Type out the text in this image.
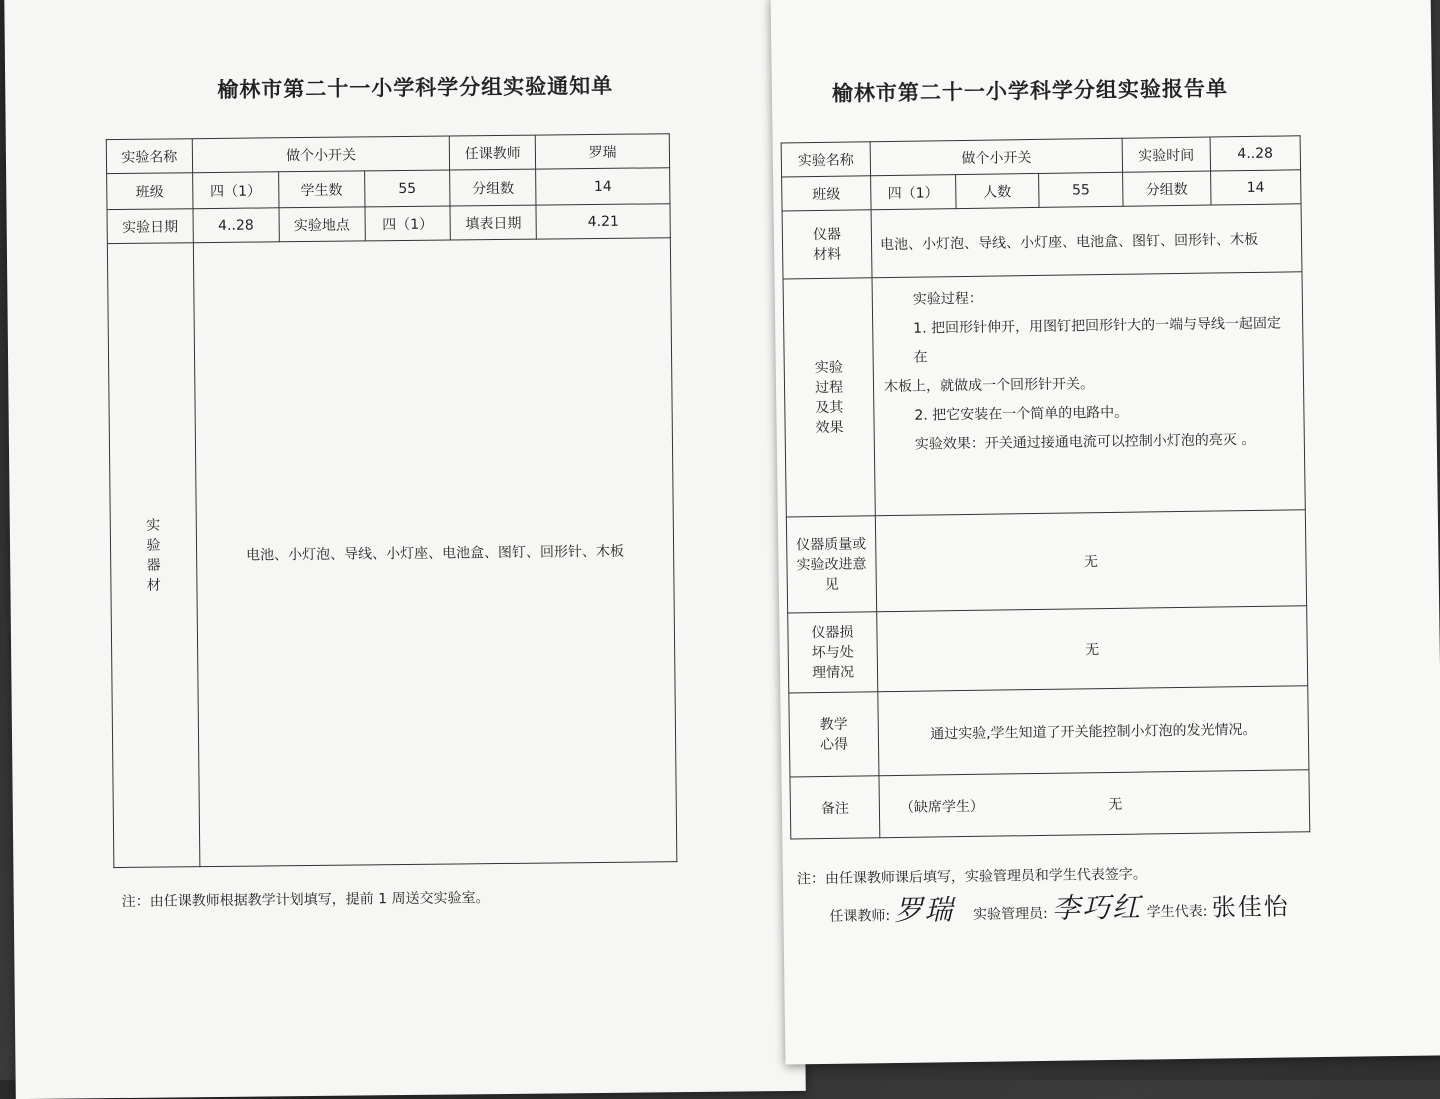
榆林市第二十一小学科学分组实验通知单
实验名称	做个小开关			任课教师	罗瑞
班级	四（1）	学生数	55	分组数	14
实验日期	4..28	实验地点	四（1）	填表日期	4.21

实验器材	电池、小灯泡、导线、小灯座、电池盒、图钉、回形针、木板				
注：由任课教师根据教学计划填写，提前 1 周送交实验室。
榆林市第二十一小学科学分组实验报告单
实验名称	做个小开关			实验时间	4..28
班级	四（1）	人数	55	分组数	14

仪器材料	电池、小灯泡、导线、小灯座、电池盒、图钉、回形针、木板				

实验过程及其效果	实验过程：

1. 把回形针伸开，用图钉把回形针大的一端与导线一起固定在

木板上，就做成一个回形针开关。

2. 把它安装在一个简单的电路中。

实验效果：开关通过接通电流可以控制小灯泡的亮灭 。				

仪器质量或实验改进意见	无				

仪器损坏与处理情况	无				

教学心得	通过实验,学生知道了开关能控制小灯泡的发光情况。				
备注	（缺席学生） 无				
注：由任课教师课后填写，实验管理员和学生代表签字。
任课教师: 罗瑞 实验管理员: 李巧红 学生代表: 张佳怡
